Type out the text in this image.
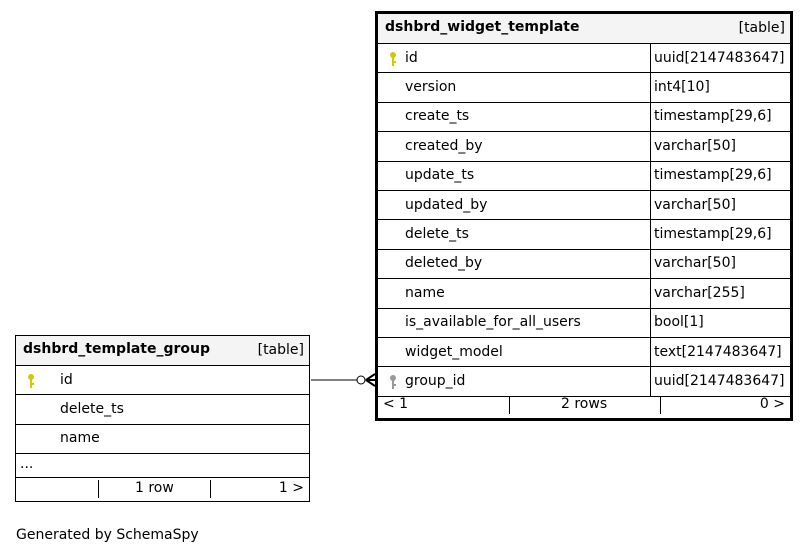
dshbrd_widget_template	[table]
id	uuid[2147483647]
version	int4[10]
create_ts	timestamp[29,6]
created_by	varchar[50]
update_ts	timestamp[29,6]
updated_by	varchar[50]
delete_ts	timestamp[29,6]
deleted_by	varchar[50]
name	varchar[255]
is_available_for_all_users	bool[1]
widget_model	text[2147483647]
group_id	uuid[2147483647]
< 1	2 rows	0 >
dshbrd_template_group	[table]
id
delete_ts
name
...
1 row	1 >
Generated by SchemaSpy
